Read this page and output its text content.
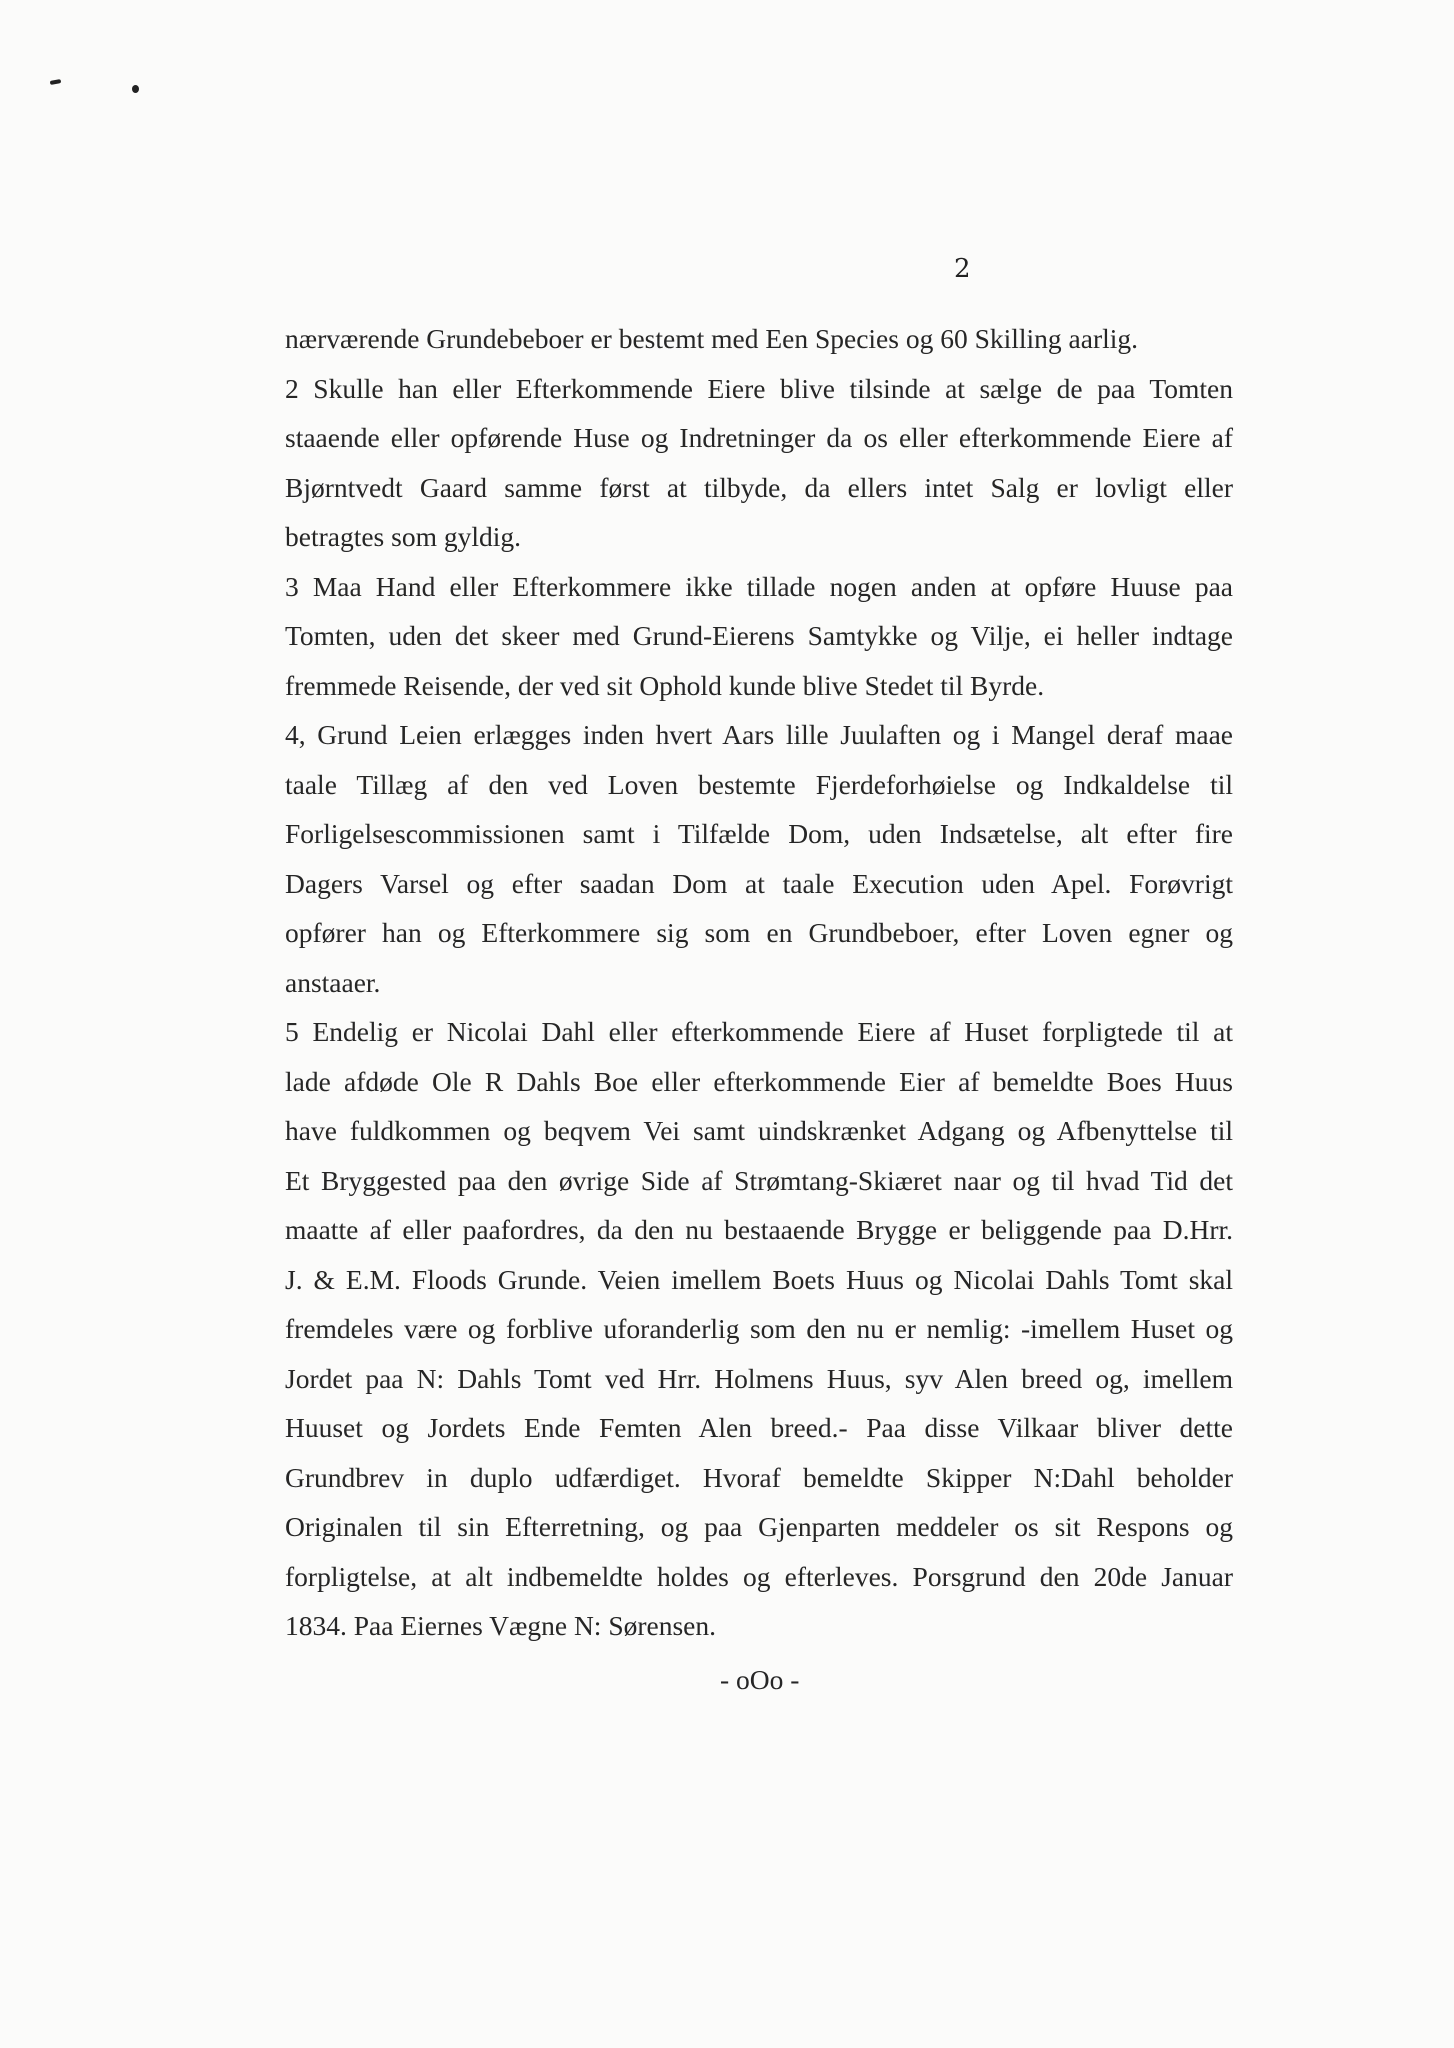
2
nærværende Grundebeboer er bestemt med Een Species og 60 Skilling aarlig.
2 Skulle han eller Efterkommende Eiere blive tilsinde at sælge de paa Tomten
staaende eller opførende Huse og Indretninger da os eller efterkommende Eiere af
Bjørntvedt Gaard samme først at tilbyde, da ellers intet Salg er lovligt eller
betragtes som gyldig.
3 Maa Hand eller Efterkommere ikke tillade nogen anden at opføre Huuse paa
Tomten, uden det skeer med Grund-Eierens Samtykke og Vilje, ei heller indtage
fremmede Reisende, der ved sit Ophold kunde blive Stedet til Byrde.
4, Grund Leien erlægges inden hvert Aars lille Juulaften og i Mangel deraf maae
taale Tillæg af den ved Loven bestemte Fjerdeforhøielse og Indkaldelse til
Forligelsescommissionen samt i Tilfælde Dom, uden Indsætelse, alt efter fire
Dagers Varsel og efter saadan Dom at taale Execution uden Apel. Forøvrigt
opfører han og Efterkommere sig som en Grundbeboer, efter Loven egner og
anstaaer.
5 Endelig er Nicolai Dahl eller efterkommende Eiere af Huset forpligtede til at
lade afdøde Ole R Dahls Boe eller efterkommende Eier af bemeldte Boes Huus
have fuldkommen og beqvem Vei samt uindskrænket Adgang og Afbenyttelse til
Et Bryggested paa den øvrige Side af Strømtang-Skiæret naar og til hvad Tid det
maatte af eller paafordres, da den nu bestaaende Brygge er beliggende paa D.Hrr.
J. & E.M. Floods Grunde. Veien imellem Boets Huus og Nicolai Dahls Tomt skal
fremdeles være og forblive uforanderlig som den nu er nemlig: -imellem Huset og
Jordet paa N: Dahls Tomt ved Hrr. Holmens Huus, syv Alen breed og, imellem
Huuset og Jordets Ende Femten Alen breed.- Paa disse Vilkaar bliver dette
Grundbrev in duplo udfærdiget. Hvoraf bemeldte Skipper N:Dahl beholder
Originalen til sin Efterretning, og paa Gjenparten meddeler os sit Respons og
forpligtelse, at alt indbemeldte holdes og efterleves. Porsgrund den 20de Januar
1834. Paa Eiernes Vægne N: Sørensen.
- oOo -
